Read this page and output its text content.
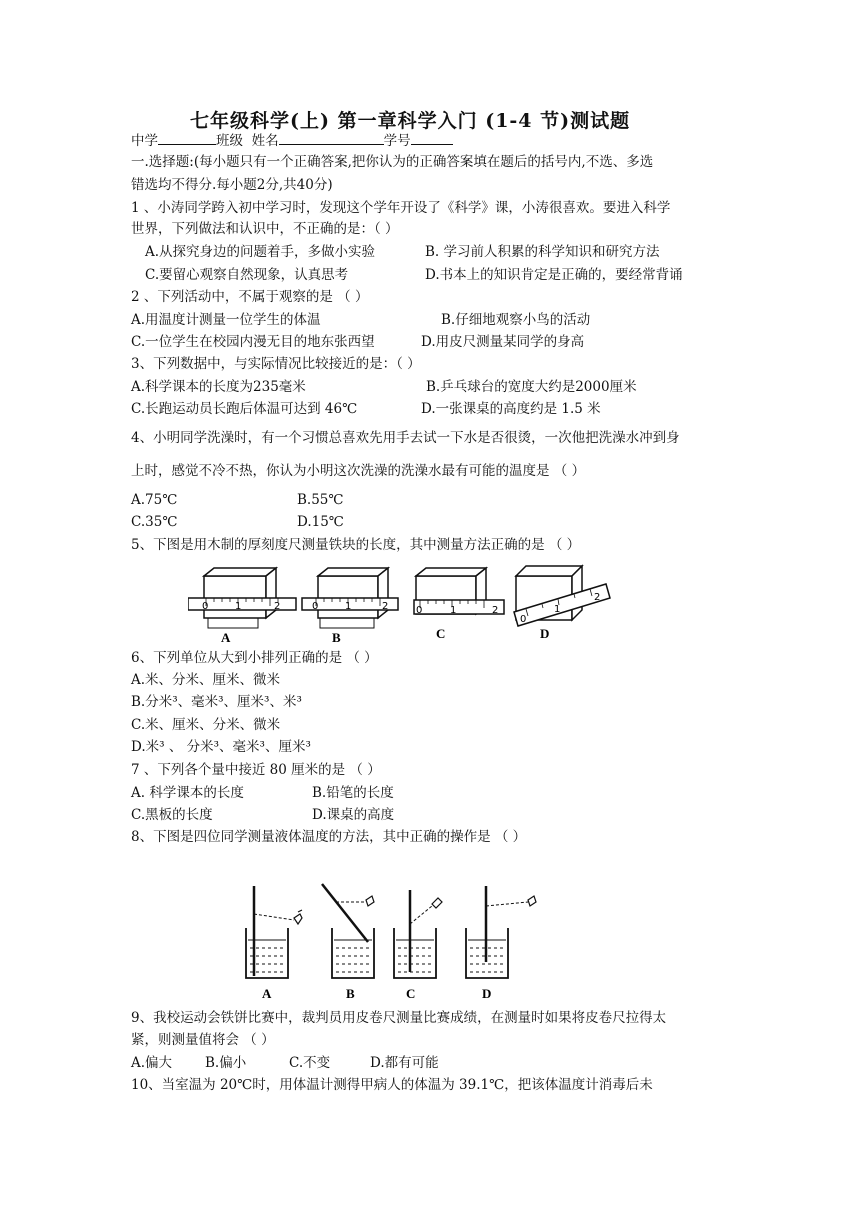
七年级科学(上) 第一章科学入门 (1-4 节)测试题
中学	班级 姓名	学号
一.选择题:(每小题只有一个正确答案,把你认为的正确答案填在题后的括号内,不选、多选
错选均不得分.每小题2分,共40分)
1 、小涛同学跨入初中学习时，发现这个学年开设了《科学》课，小涛很喜欢。要进入科学
世界，下列做法和认识中，不正确的是：（ ）
A.从探究身边的问题着手，多做小实验	B. 学习前人积累的科学知识和研究方法
C.要留心观察自然现象，认真思考	D.书本上的知识肯定是正确的，要经常背诵
2 、下列活动中，不属于观察的是 （ ）
A.用温度计测量一位学生的体温	B.仔细地观察小鸟的活动
C.一位学生在校园内漫无目的地东张西望	D.用皮尺测量某同学的身高
3、下列数据中，与实际情况比较接近的是：（ ）
A.科学课本的长度为235毫米	B.乒乓球台的宽度大约是2000厘米
C.长跑运动员长跑后体温可达到 46℃	D.一张课桌的高度约是 1.5 米
4、小明同学洗澡时，有一个习惯总喜欢先用手去试一下水是否很烫，一次他把洗澡水冲到身
上时，感觉不冷不热，你认为小明这次洗澡的洗澡水最有可能的温度是 （ ）
A.75℃	B.55℃
C.35℃	D.15℃
5、下图是用木制的厚刻度尺测量铁块的长度，其中测量方法正确的是 （ ）
0	1	2
A
0	1	2
B
0	1	2
C
0
1
2
D
6、下列单位从大到小排列正确的是 （ ）
A.米、分米、厘米、微米
B.分米³、毫米³、厘米³、米³
C.米、厘米、分米、微米
D.米³ 、 分米³、毫米³、厘米³
7 、下列各个量中接近 80 厘米的是 （ ）
A. 科学课本的长度	B.铅笔的长度
C.黑板的长度	D.课桌的高度
8、下图是四位同学测量液体温度的方法，其中正确的操作是 （ ）
A	B	C	D
9、我校运动会铁饼比赛中，裁判员用皮卷尺测量比赛成绩，在测量时如果将皮卷尺拉得太
紧，则测量值将会 （ ）
A.偏大 B.偏小	C.不变	D.都有可能
10、当室温为 20℃时，用体温计测得甲病人的体温为 39.1℃，把该体温度计消毒后未
